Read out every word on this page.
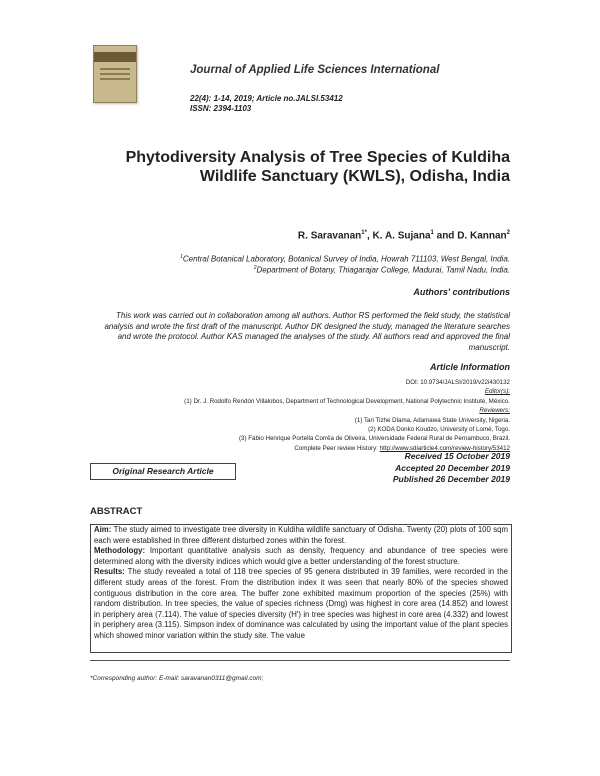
Journal of Applied Life Sciences International
22(4): 1-14, 2019; Article no.JALSI.53412
ISSN: 2394-1103
Phytodiversity Analysis of Tree Species of Kuldiha
Wildlife Sanctuary (KWLS), Odisha, India
R. Saravanan$^{1*}$, K. A. Sujana$^1$ and D. Kannan$^2$
$^1$Central Botanical Laboratory, Botanical Survey of India, Howrah 711103, West Bengal, India.
$^2$Department of Botany, Thiagarajar College, Madurai, Tamil Nadu, India.
Authors' contributions
This work was carried out in collaboration among all authors. Author RS performed the field study, the statistical analysis and wrote the first draft of the manuscript. Author DK designed the study, managed the literature searches and wrote the protocol. Author KAS managed the analyses of the study. All authors read and approved the final manuscript.
Article Information
DOI: 10.9734/JALSI/2019/v22i430132
Editor(s):
(1) Dr. J. Rodolfo Rendón Villalobos, Department of Technological Development, National Polytechnic Institute, México.
Reviewers:
(1) Tari Tizhe Dlama, Adamawa State University, Nigeria.
(2) KODA Donko Koudzo, University of Lomé, Togo.
(3) Fábio Henrique Portella Corrêa de Oliveira, Universidade Federal Rural de Pernambuco, Brazil.
Complete Peer review History: http://www.sdiarticle4.com/review-history/53412
Original Research Article
Received 15 October 2019
Accepted 20 December 2019
Published 26 December 2019
ABSTRACT

Aim: The study aimed to investigate tree diversity in Kuldiha wildlife sanctuary of Odisha. Twenty (20) plots of 100 sqm each were established in three different disturbed zones within the forest.

Methodology: Important quantitative analysis such as density, frequency and abundance of tree species were determined along with the diversity indices which would give a better understanding of the forest structure.

Results: The study revealed a total of 118 tree species of 95 genera distributed in 39 families, were recorded in the different study areas of the forest. From the distribution index it was seen that nearly 80% of the species showed contiguous distribution in the core area. The buffer zone exhibited maximum proportion of the species (25%) with random distribution. In tree species, the value of species richness (Dmg) was highest in core area (14.852) and lowest in periphery area (7.114). The value of species diversity (H') in tree species was highest in core area (4.332) and lowest in periphery area (3.115). Simpson index of dominance was calculated by using the important value of the plant species which showed minor variation within the study site. The value

*Corresponding author: E-mail: saravanan0311@gmail.com;
